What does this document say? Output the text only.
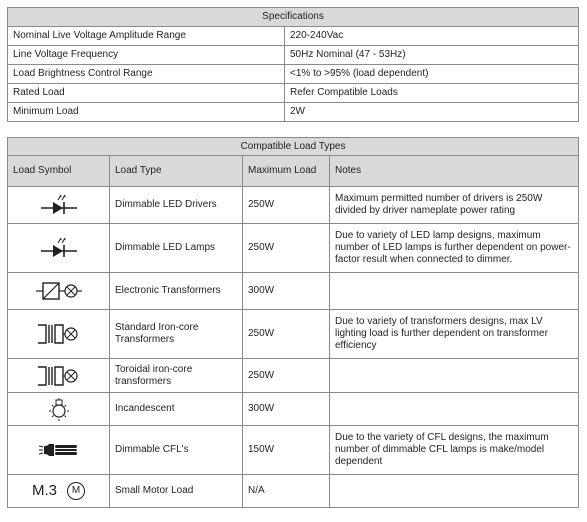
Specifications	
Nominal Live Voltage Amplitude Range	220-240Vac
Line Voltage Frequency	50Hz Nominal (47 - 53Hz)
Load Brightness Control Range	<1% to >95% (load dependent)
Rated Load	Refer Compatible Loads
Minimum Load	2W
Compatible Load Types			
Load Symbol	Load Type	Maximum Load	Notes

	Dimmable LED Drivers	250W	Maximum permitted number of drivers is 250W divided by driver nameplate power rating

	Dimmable LED Lamps	250W	Due to variety of LED lamp designs, maximum number of LED lamps is further dependent on power-factor result when connected to dimmer.

	Electronic Transformers	300W	

	Standard Iron-core Transformers	250W	Due to variety of transformers designs, max LV lighting load is further dependent on transformer efficiency

	Toroidal iron-core transformers	250W	

	Incandescent	300W	

	Dimmable CFL's	150W	Due to the variety of CFL designs, the maximum number of dimmable CFL lamps is make/model dependent

M.3 M	Small Motor Load	N/A	
